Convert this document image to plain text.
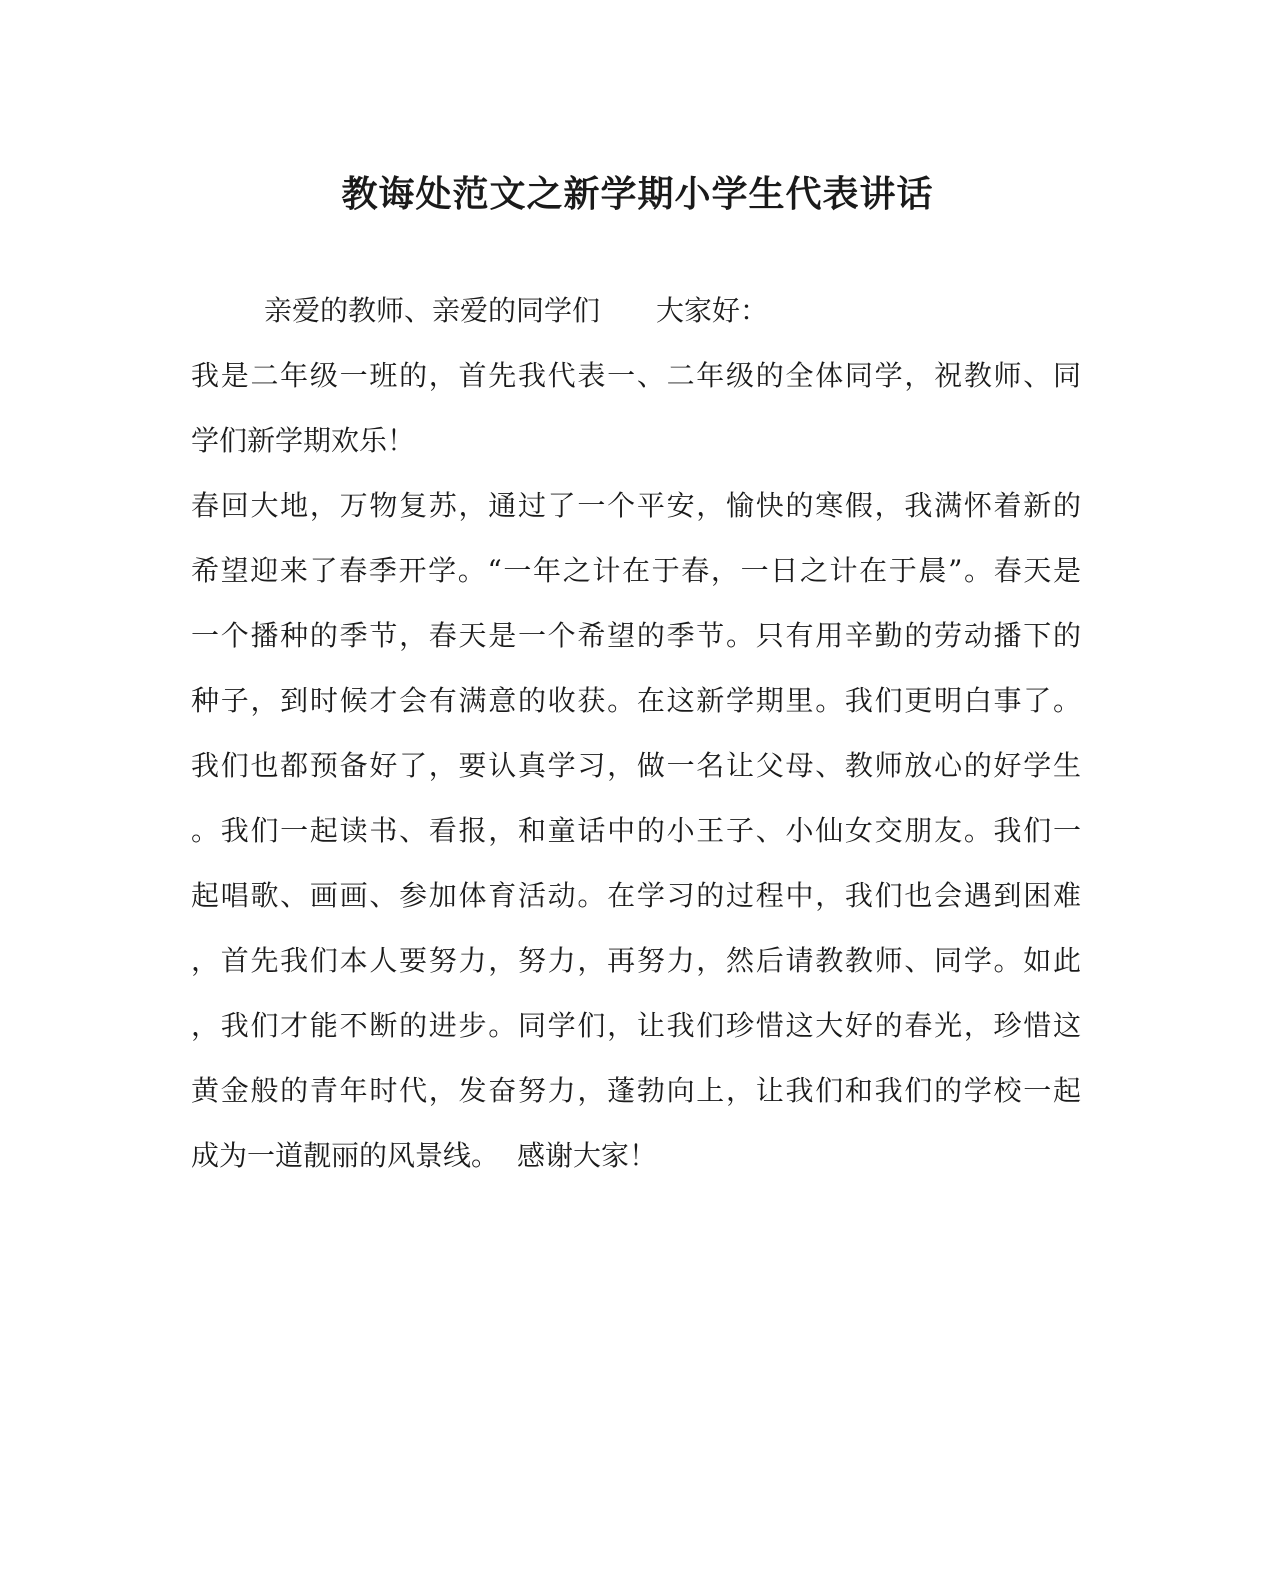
教诲处范文之新学期小学生代表讲话
亲爱的教师、亲爱的同学们 大家好：
我是二年级一班的，首先我代表一、二年级的全体同学，祝教师、同
学们新学期欢乐！
春回大地，万物复苏，通过了一个平安，愉快的寒假，我满怀着新的
希望迎来了春季开学。“一年之计在于春，一日之计在于晨”。春天是
一个播种的季节，春天是一个希望的季节。只有用辛勤的劳动播下的
种子，到时候才会有满意的收获。在这新学期里。我们更明白事了。
我们也都预备好了，要认真学习，做一名让父母、教师放心的好学生
。我们一起读书、看报，和童话中的小王子、小仙女交朋友。我们一
起唱歌、画画、参加体育活动。在学习的过程中，我们也会遇到困难
，首先我们本人要努力，努力，再努力，然后请教教师、同学。如此
，我们才能不断的进步。同学们，让我们珍惜这大好的春光，珍惜这
黄金般的青年时代，发奋努力，蓬勃向上，让我们和我们的学校一起
成为一道靓丽的风景线。 感谢大家！
